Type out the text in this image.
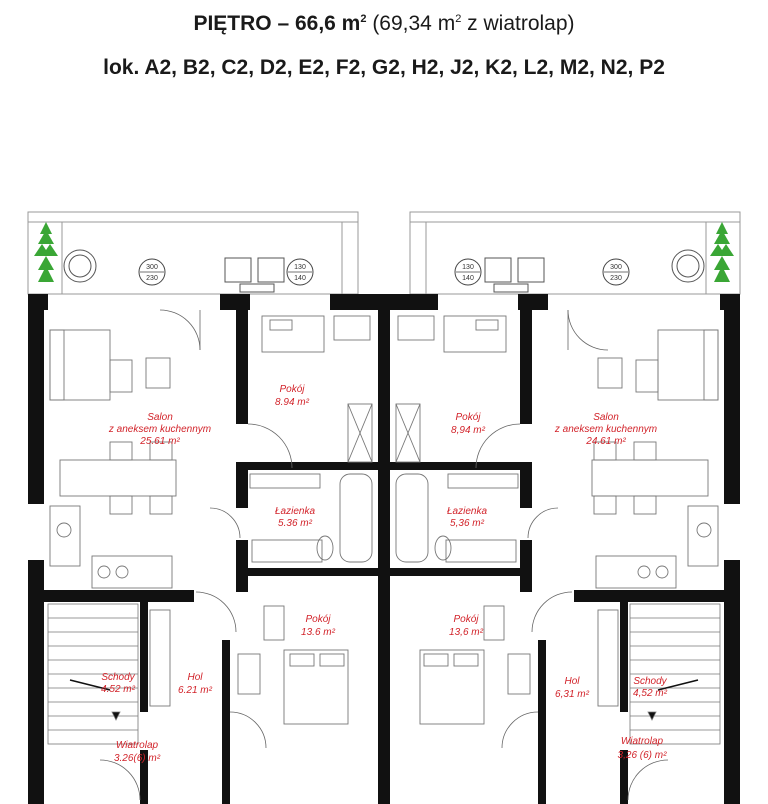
PIĘTRO – 66,6 $m^2$ (69,34 $m^2$ z wiatrolap)
lok. A2, B2, C2, D2, E2, F2, G2, H2, J2, K2, L2, M2, N2, P2
300
230
130
140
130
140
300
230
Salon
z aneksem kuchennym
25.61 m²
Pokój
8.94 m²
Łazienka
5.36 m²
Pokój
13.6 m²
Hol
6.21 m²
Schody
4.52 m²
Wiatrolap
3.26(6) m²
Salon
z aneksem kuchennym
24.61 m²
Pokój
8,94 m²
Łazienka
5,36 m²
Pokój
13,6 m²
Hol
6,31 m²
Schody
4,52 m²
Wiatrolap
3,26 (6) m²
